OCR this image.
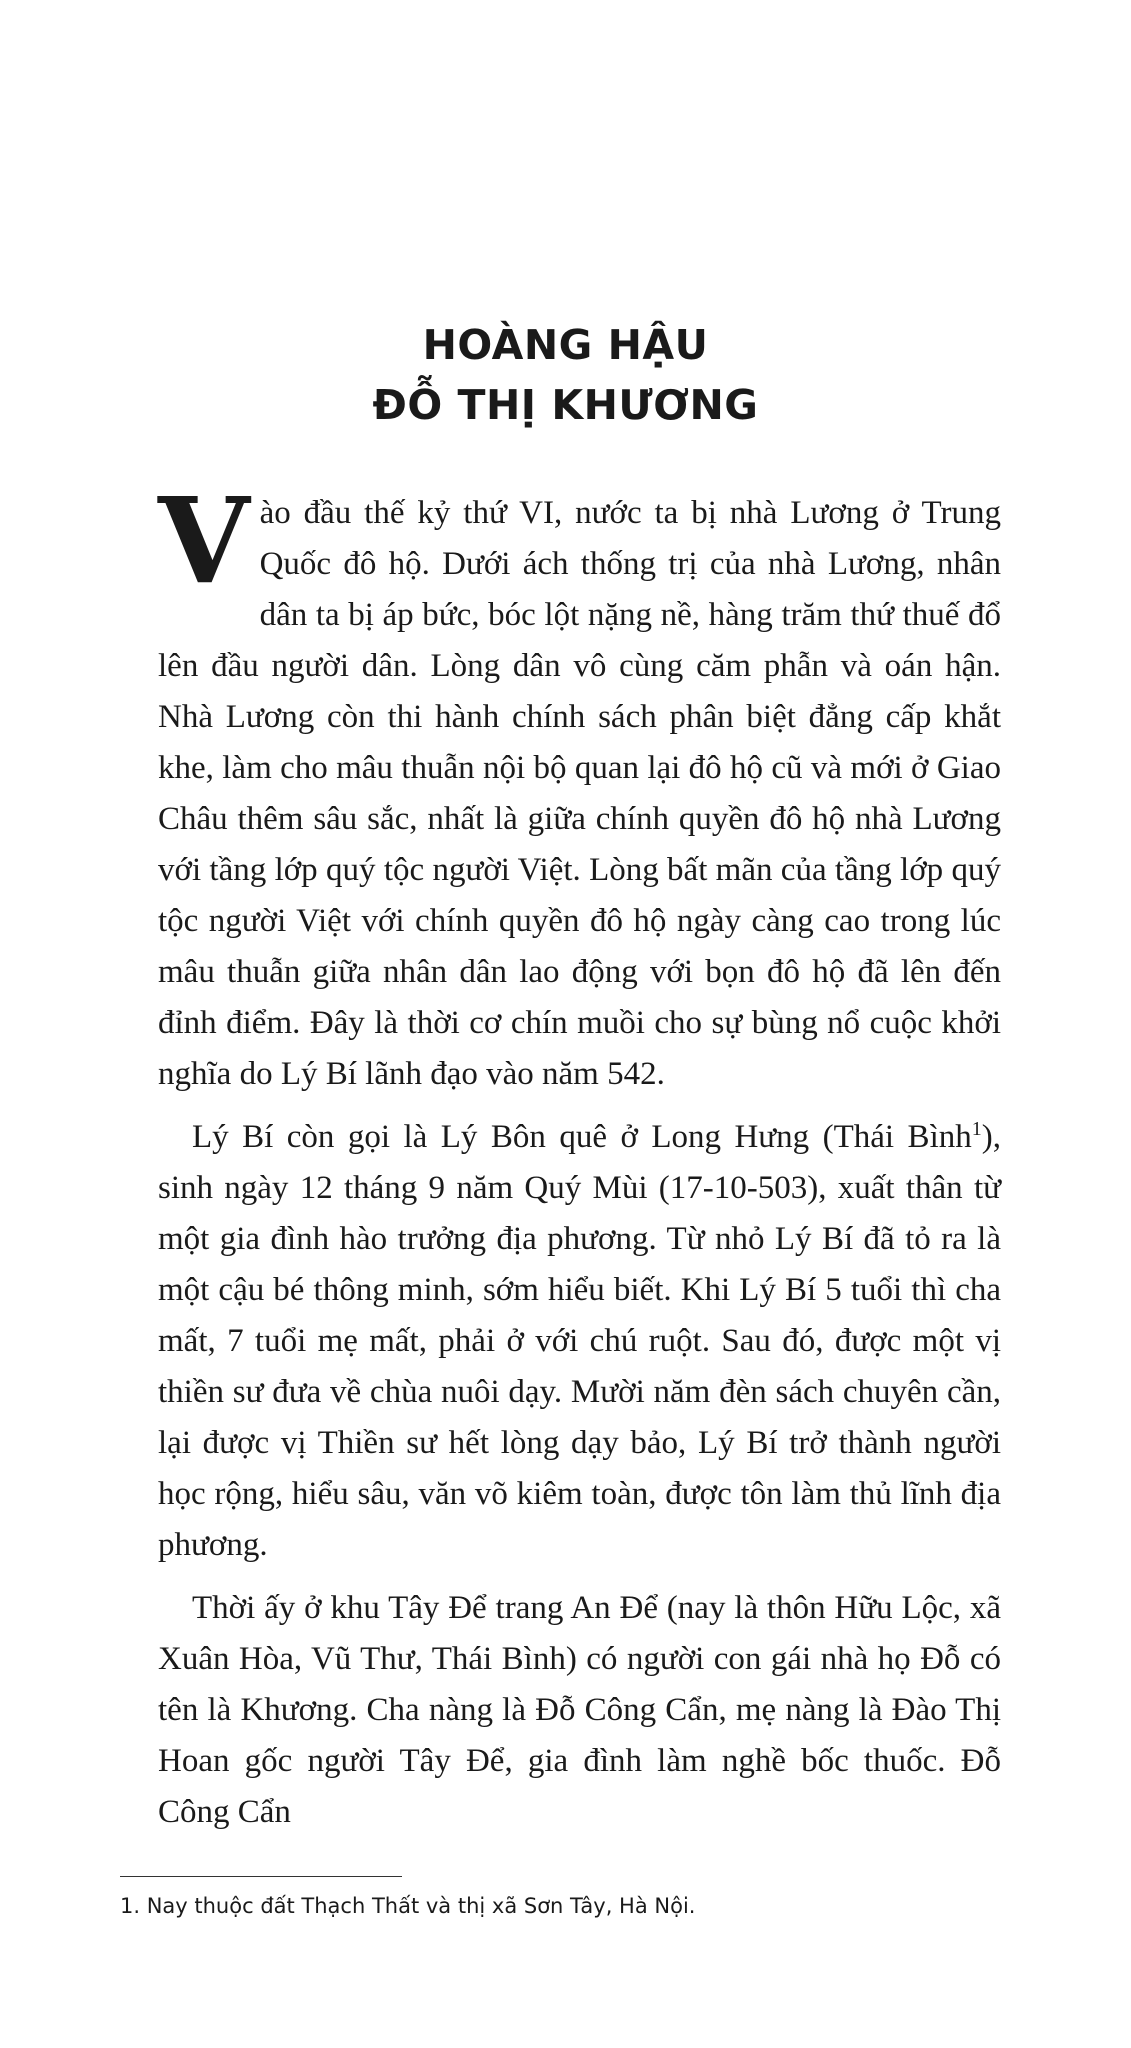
HOÀNG HẬU
ĐỖ THỊ KHƯƠNG

Vào đầu thế kỷ thứ VI, nước ta bị nhà Lương ở Trung Quốc đô hộ. Dưới ách thống trị của nhà Lương, nhân dân ta bị áp bức, bóc lột nặng nề, hàng trăm thứ thuế đổ lên đầu người dân. Lòng dân vô cùng căm phẫn và oán hận. Nhà Lương còn thi hành chính sách phân biệt đẳng cấp khắt khe, làm cho mâu thuẫn nội bộ quan lại đô hộ cũ và mới ở Giao Châu thêm sâu sắc, nhất là giữa chính quyền đô hộ nhà Lương với tầng lớp quý tộc người Việt. Lòng bất mãn của tầng lớp quý tộc người Việt với chính quyền đô hộ ngày càng cao trong lúc mâu thuẫn giữa nhân dân lao động với bọn đô hộ đã lên đến đỉnh điểm. Đây là thời cơ chín muồi cho sự bùng nổ cuộc khởi nghĩa do Lý Bí lãnh đạo vào năm 542.

Lý Bí còn gọi là Lý Bôn quê ở Long Hưng (Thái Bình$^1$), sinh ngày 12 tháng 9 năm Quý Mùi (17-10-503), xuất thân từ một gia đình hào trưởng địa phương. Từ nhỏ Lý Bí đã tỏ ra là một cậu bé thông minh, sớm hiểu biết. Khi Lý Bí 5 tuổi thì cha mất, 7 tuổi mẹ mất, phải ở với chú ruột. Sau đó, được một vị thiền sư đưa về chùa nuôi dạy. Mười năm đèn sách chuyên cần, lại được vị Thiền sư hết lòng dạy bảo, Lý Bí trở thành người học rộng, hiểu sâu, văn võ kiêm toàn, được tôn làm thủ lĩnh địa phương.

Thời ấy ở khu Tây Để trang An Để (nay là thôn Hữu Lộc, xã Xuân Hòa, Vũ Thư, Thái Bình) có người con gái nhà họ Đỗ có tên là Khương. Cha nàng là Đỗ Công Cẩn, mẹ nàng là Đào Thị Hoan gốc người Tây Để, gia đình làm nghề bốc thuốc. Đỗ Công Cẩn

1. Nay thuộc đất Thạch Thất và thị xã Sơn Tây, Hà Nội.
